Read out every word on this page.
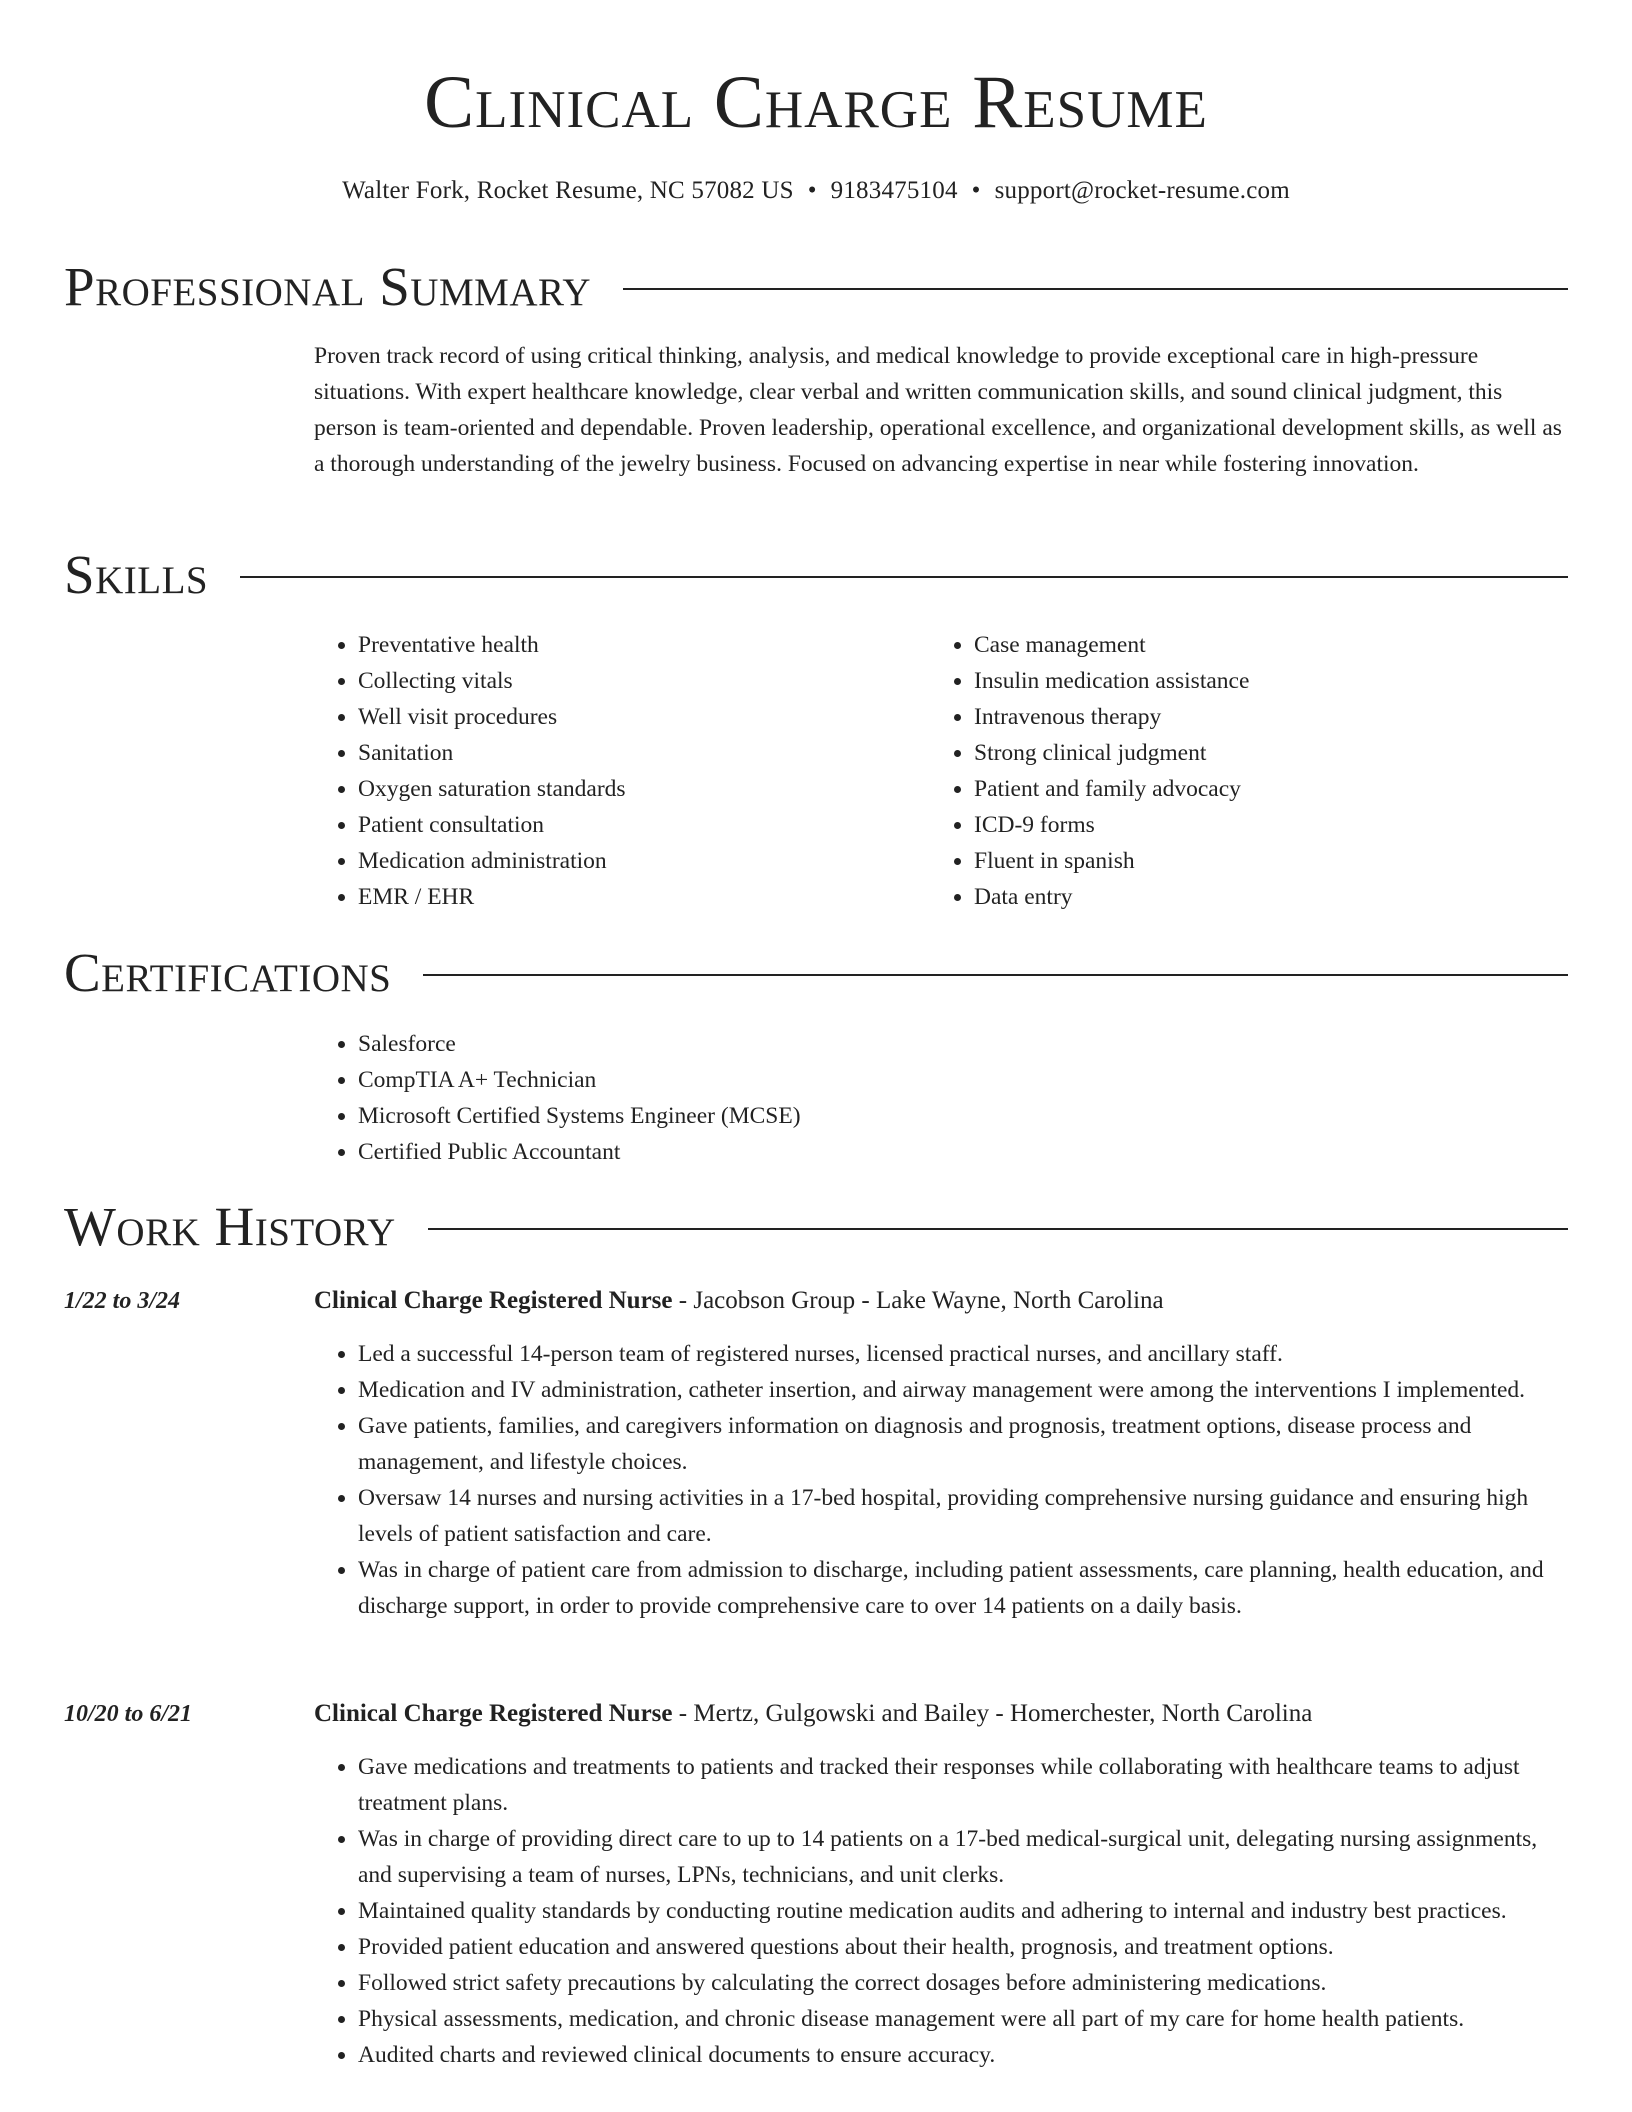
Clinical Charge Resume
Walter Fork, Rocket Resume, NC 57082 US • 9183475104 • support@rocket-resume.com
Professional Summary
Proven track record of using critical thinking, analysis, and medical knowledge to provide exceptional care in high-pressure situations. With expert healthcare knowledge, clear verbal and written communication skills, and sound clinical judgment, this person is team-oriented and dependable. Proven leadership, operational excellence, and organizational development skills, as well as a thorough understanding of the jewelry business. Focused on advancing expertise in near while fostering innovation.
Skills
• Preventative health
• Collecting vitals
• Well visit procedures
• Sanitation
• Oxygen saturation standards
• Patient consultation
• Medication administration
• EMR / EHR
• Case management
• Insulin medication assistance
• Intravenous therapy
• Strong clinical judgment
• Patient and family advocacy
• ICD-9 forms
• Fluent in spanish
• Data entry
Certifications
• Salesforce
• CompTIA A+ Technician
• Microsoft Certified Systems Engineer (MCSE)
• Certified Public Accountant
Work History
1/22 to 3/24	Clinical Charge Registered Nurse - Jacobson Group - Lake Wayne, North Carolina
• Led a successful 14-person team of registered nurses, licensed practical nurses, and ancillary staff.
• Medication and IV administration, catheter insertion, and airway management were among the interventions I implemented.
• Gave patients, families, and caregivers information on diagnosis and prognosis, treatment options, disease process and management, and lifestyle choices.
• Oversaw 14 nurses and nursing activities in a 17-bed hospital, providing comprehensive nursing guidance and ensuring high levels of patient satisfaction and care.
• Was in charge of patient care from admission to discharge, including patient assessments, care planning, health education, and discharge support, in order to provide comprehensive care to over 14 patients on a daily basis.
10/20 to 6/21	Clinical Charge Registered Nurse - Mertz, Gulgowski and Bailey - Homerchester, North Carolina
• Gave medications and treatments to patients and tracked their responses while collaborating with healthcare teams to adjust treatment plans.
• Was in charge of providing direct care to up to 14 patients on a 17-bed medical-surgical unit, delegating nursing assignments, and supervising a team of nurses, LPNs, technicians, and unit clerks.
• Maintained quality standards by conducting routine medication audits and adhering to internal and industry best practices.
• Provided patient education and answered questions about their health, prognosis, and treatment options.
• Followed strict safety precautions by calculating the correct dosages before administering medications.
• Physical assessments, medication, and chronic disease management were all part of my care for home health patients.
• Audited charts and reviewed clinical documents to ensure accuracy.
